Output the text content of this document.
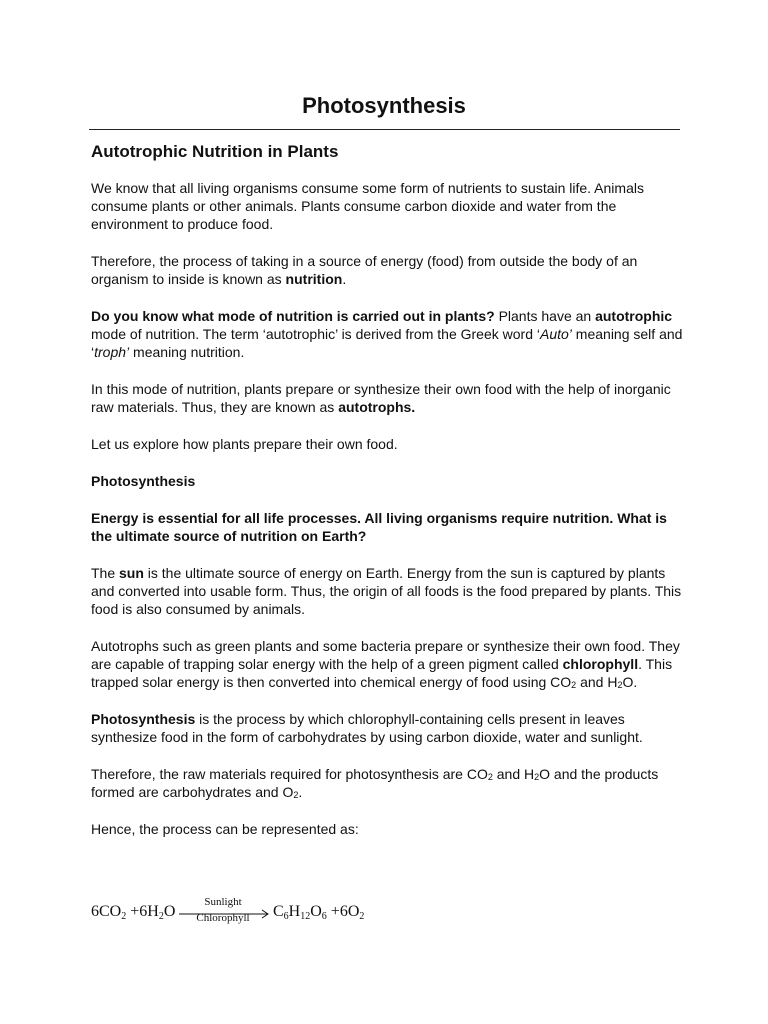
Photosynthesis
Autotrophic Nutrition in Plants

We know that all living organisms consume some form of nutrients to sustain life. Animals consume plants or other animals. Plants consume carbon dioxide and water from the environment to produce food.

Therefore, the process of taking in a source of energy (food) from outside the body of an organism to inside is known as nutrition.

Do you know what mode of nutrition is carried out in plants? Plants have an autotrophic mode of nutrition. The term ‘autotrophic’ is derived from the Greek word ‘Auto’ meaning self and ‘troph’ meaning nutrition.

In this mode of nutrition, plants prepare or synthesize their own food with the help of inorganic raw materials. Thus, they are known as autotrophs.

Let us explore how plants prepare their own food.

Photosynthesis

Energy is essential for all life processes. All living organisms require nutrition. What is the ultimate source of nutrition on Earth?

The sun is the ultimate source of energy on Earth. Energy from the sun is captured by plants and converted into usable form. Thus, the origin of all foods is the food prepared by plants. This food is also consumed by animals.

Autotrophs such as green plants and some bacteria prepare or synthesize their own food. They are capable of trapping solar energy with the help of a green pigment called chlorophyll. This trapped solar energy is then converted into chemical energy of food using CO2 and H2O.

Photosynthesis is the process by which chlorophyll-containing cells present in leaves synthesize food in the form of carbohydrates by using carbon dioxide, water and sunlight.

Therefore, the raw materials required for photosynthesis are CO2 and H2O and the products formed are carbohydrates and O2.

Hence, the process can be represented as:

6CO2 +6H2O
Sunlight
Chlorophyll	C6H12O6 +6O2
